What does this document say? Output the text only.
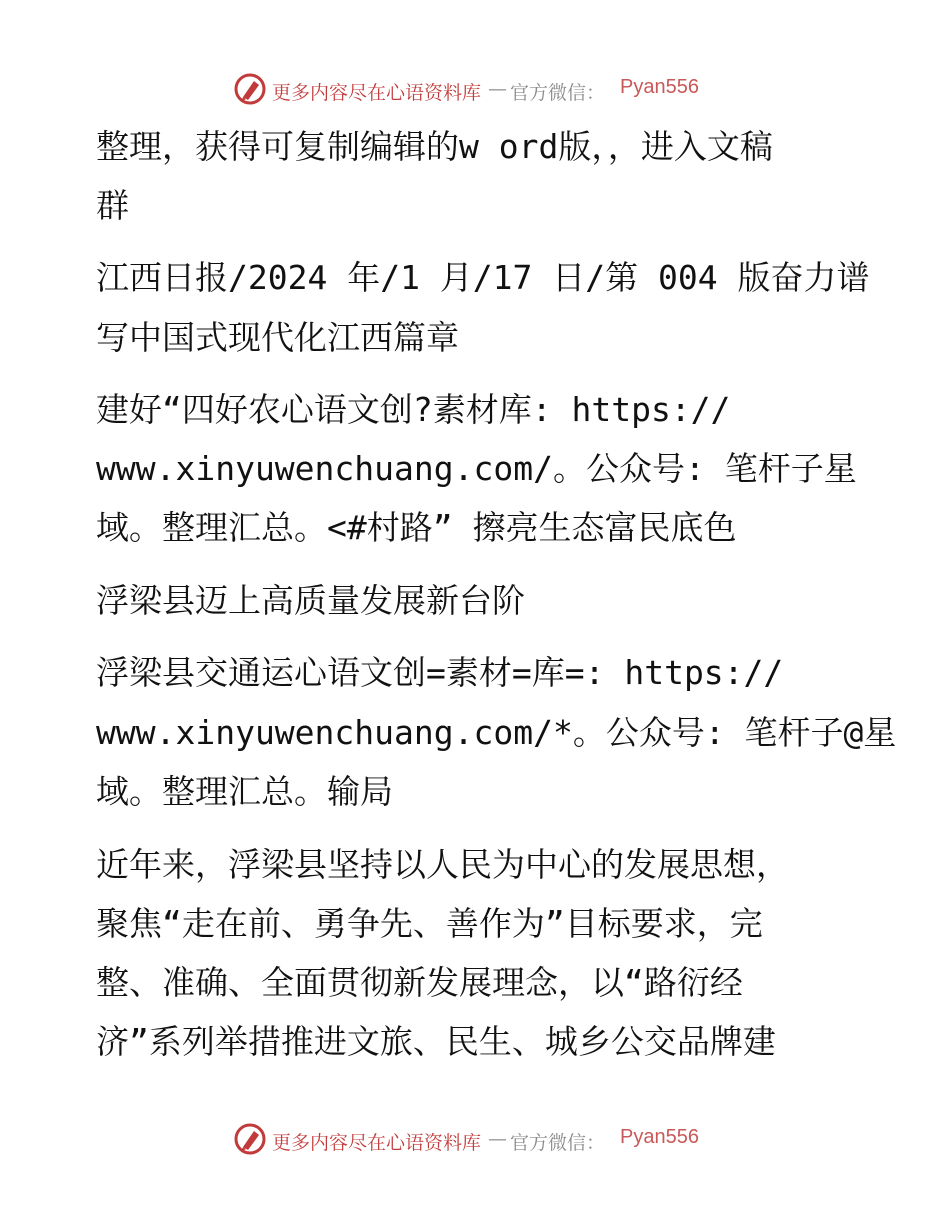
更多内容尽在心语资料库 — 官方微信： Pyan556
整理，获得可复制编辑的w ord版，，进入文稿
群
江西日报/2024 年/1 月/17 日/第 004 版奋力谱
写中国式现代化江西篇章
建好“四好农心语文创?素材库: https://
www.xinyuwenchuang.com/。公众号: 笔杆子星
域。整理汇总。<#村路” 擦亮生态富民底色
浮梁县迈上高质量发展新台阶
浮梁县交通运心语文创=素材=库=: https://
www.xinyuwenchuang.com/*。公众号: 笔杆子@星
域。整理汇总。输局
近年来，浮梁县坚持以人民为中心的发展思想，
聚焦“走在前、勇争先、善作为”目标要求，完
整、准确、全面贯彻新发展理念，以“路衍经
济”系列举措推进文旅、民生、城乡公交品牌建
更多内容尽在心语资料库 — 官方微信： Pyan556
